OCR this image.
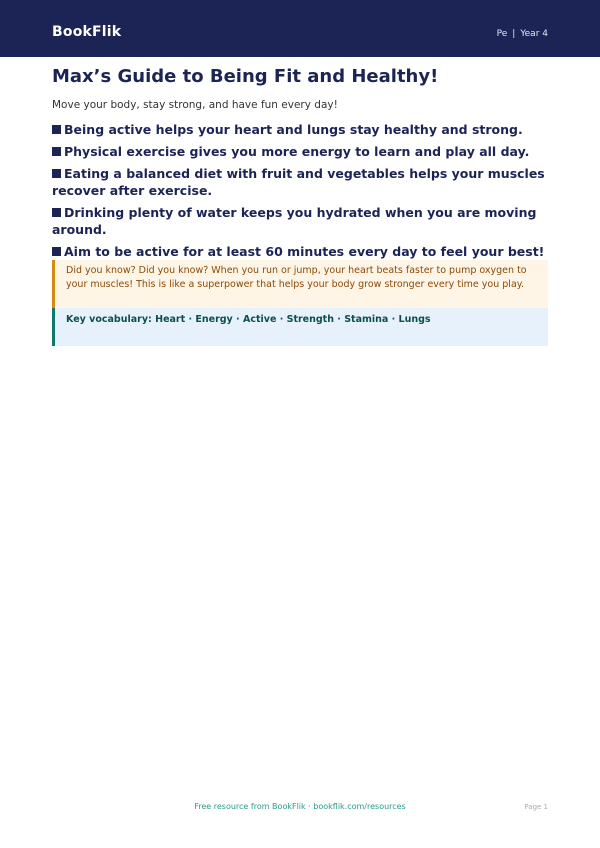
BookFlik	Pe | Year 4
Max’s Guide to Being Fit and Healthy!

Move your body, stay strong, and have fun every day!

Being active helps your heart and lungs stay healthy and strong.
Physical exercise gives you more energy to learn and play all day.
Eating a balanced diet with fruit and vegetables helps your muscles recover after exercise.
Drinking plenty of water keeps you hydrated when you are moving around.
Aim to be active for at least 60 minutes every day to feel your best!

Did you know? Did you know? When you run or jump, your heart beats faster to pump oxygen to your muscles! This is like a superpower that helps your body grow stronger every time you play.

Key vocabulary: Heart · Energy · Active · Strength · Stamina · Lungs

Free resource from BookFlik · bookflik.com/resources	Page 1
